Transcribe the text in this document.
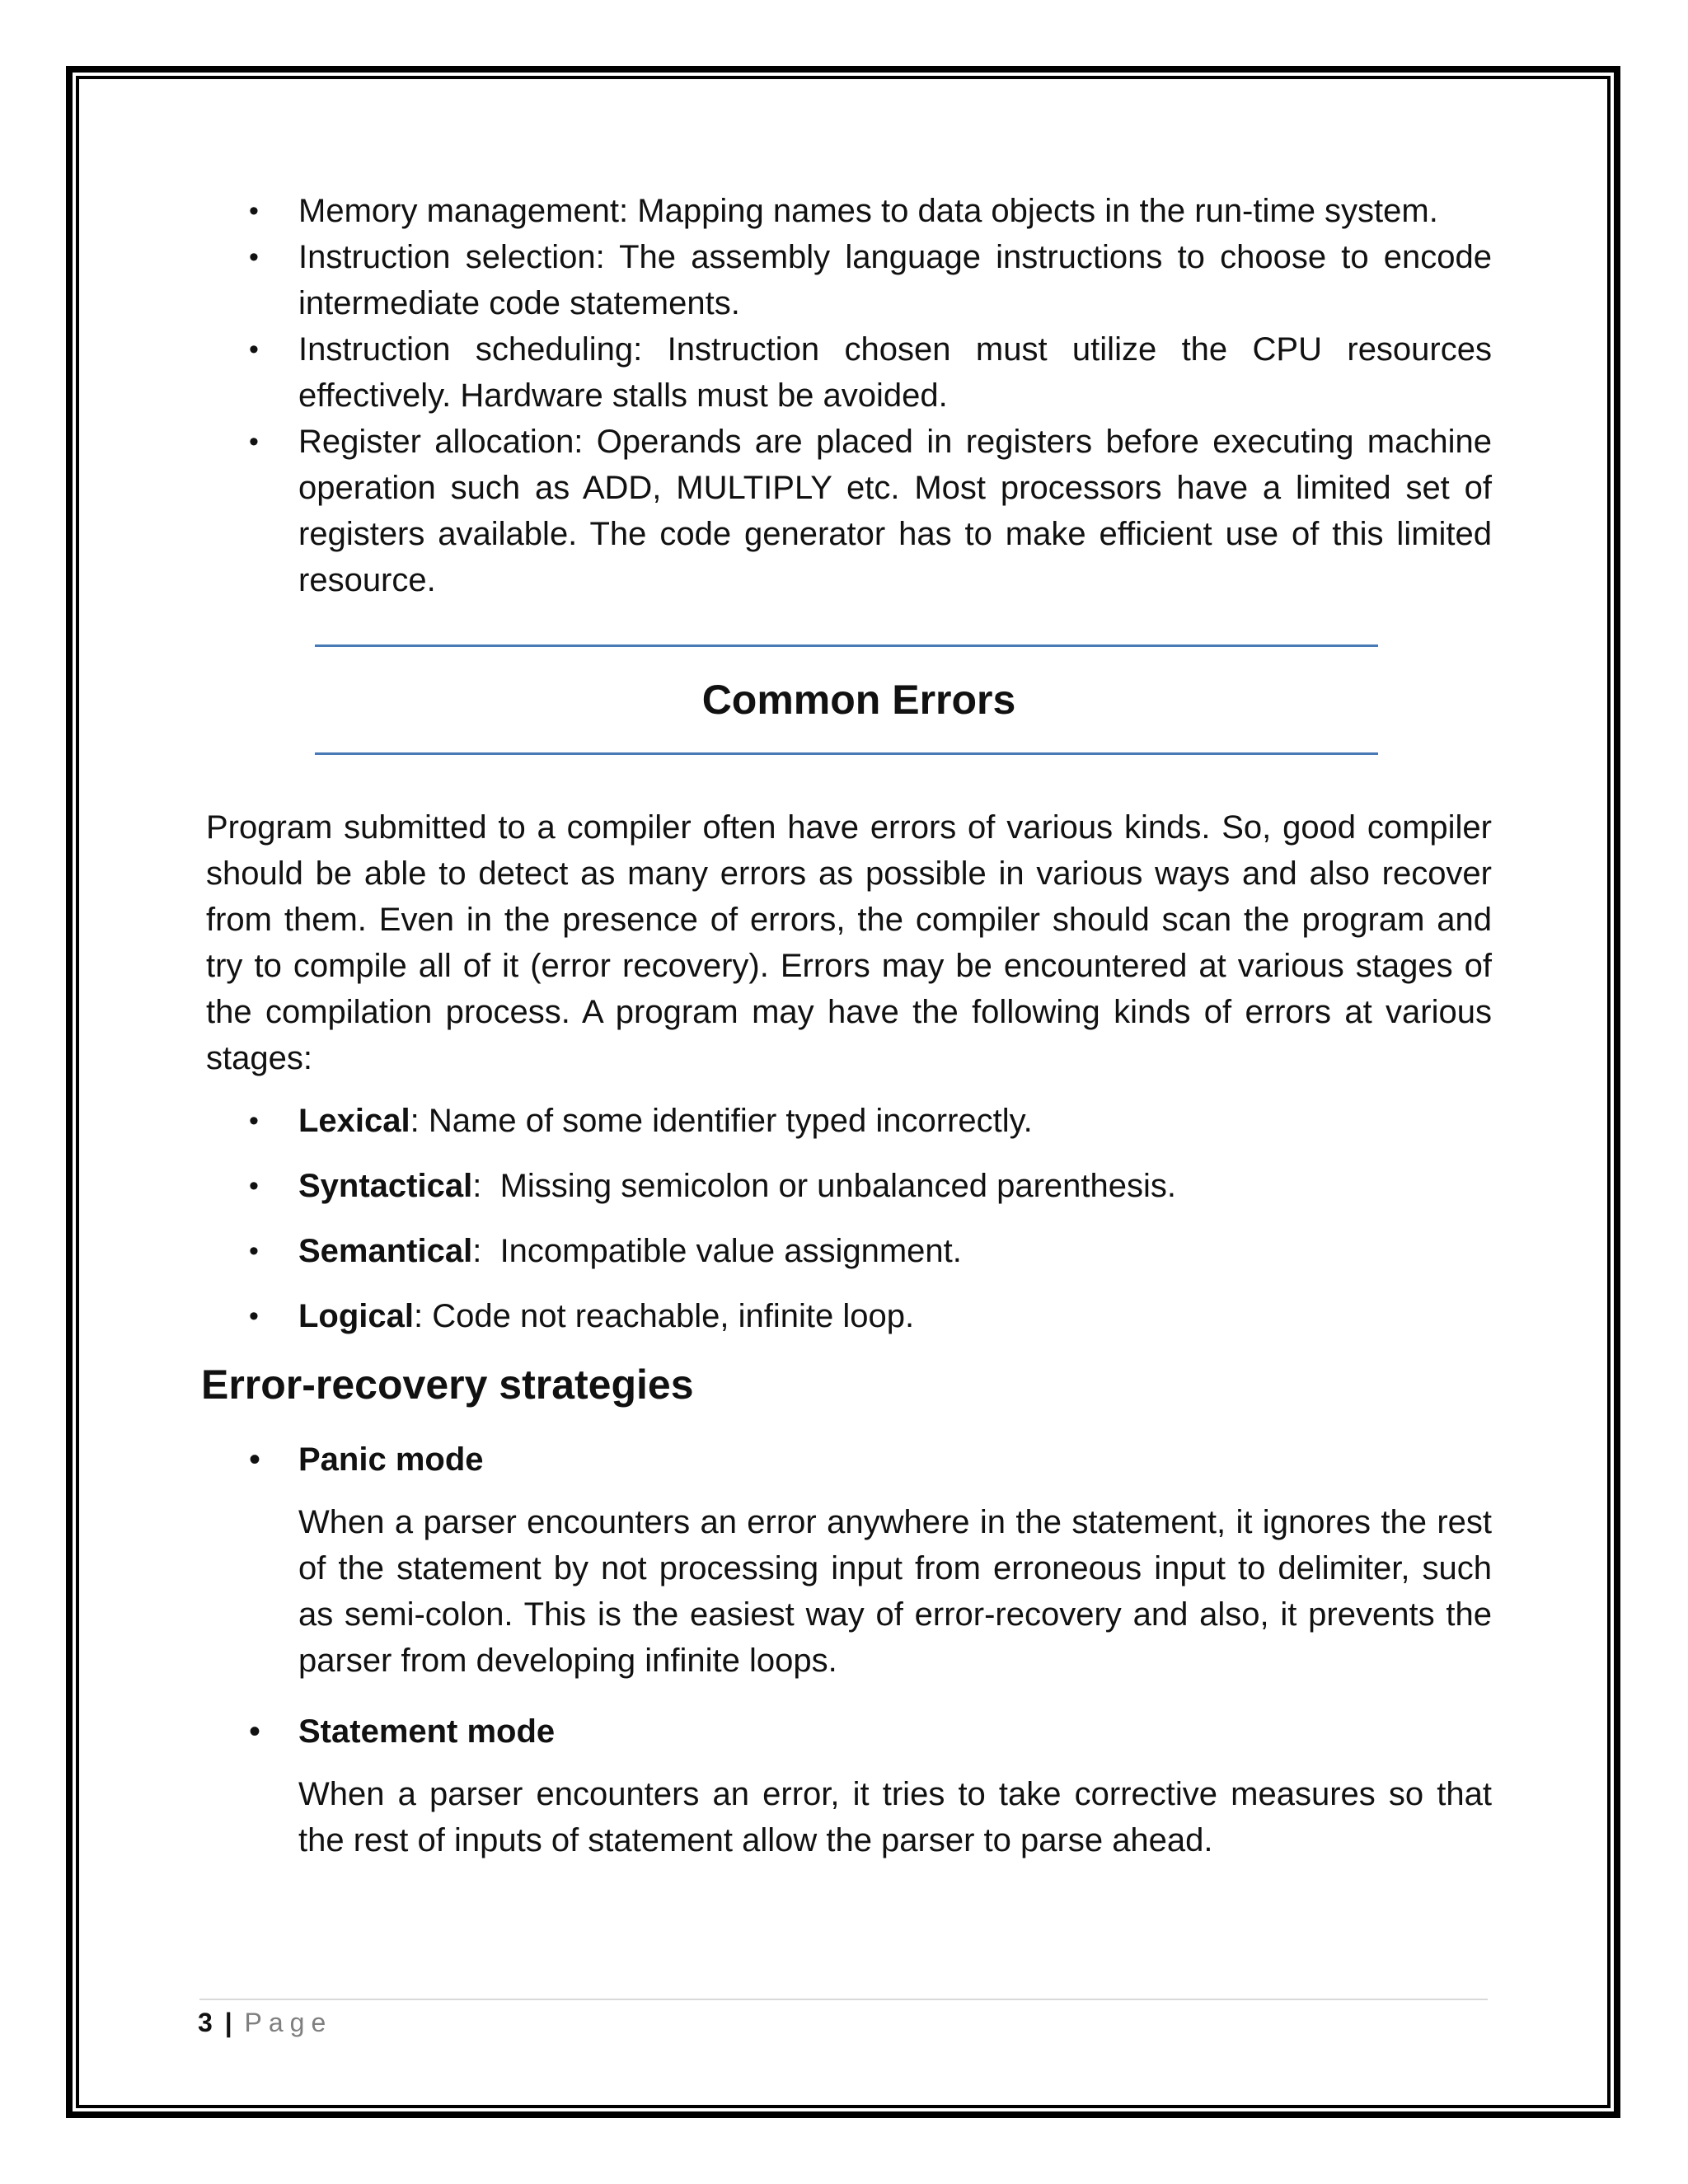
• Memory management: Mapping names to data objects in the run-time system.
• Instruction selection: The assembly language instructions to choose to encode intermediate code statements.
• Instruction scheduling: Instruction chosen must utilize the CPU resources effectively. Hardware stalls must be avoided.
• Register allocation: Operands are placed in registers before executing machine operation such as ADD, MULTIPLY etc. Most processors have a limited set of registers available. The code generator has to make efficient use of this limited resource.
Common Errors

Program submitted to a compiler often have errors of various kinds. So, good compiler should be able to detect as many errors as possible in various ways and also recover from them. Even in the presence of errors, the compiler should scan the program and try to compile all of it (error recovery). Errors may be encountered at various stages of the compilation process. A program may have the following kinds of errors at various stages:

• Lexical: Name of some identifier typed incorrectly.
• Syntactical:  Missing semicolon or unbalanced parenthesis.
• Semantical:  Incompatible value assignment.
• Logical: Code not reachable, infinite loop.
Error-recovery strategies
• Panic mode
When a parser encounters an error anywhere in the statement, it ignores the rest of the statement by not processing input from erroneous input to delimiter, such as semi-colon. This is the easiest way of error-recovery and also, it prevents the parser from developing infinite loops.
• Statement mode
When a parser encounters an error, it tries to take corrective measures so that the rest of inputs of statement allow the parser to parse ahead.
3 | Page
